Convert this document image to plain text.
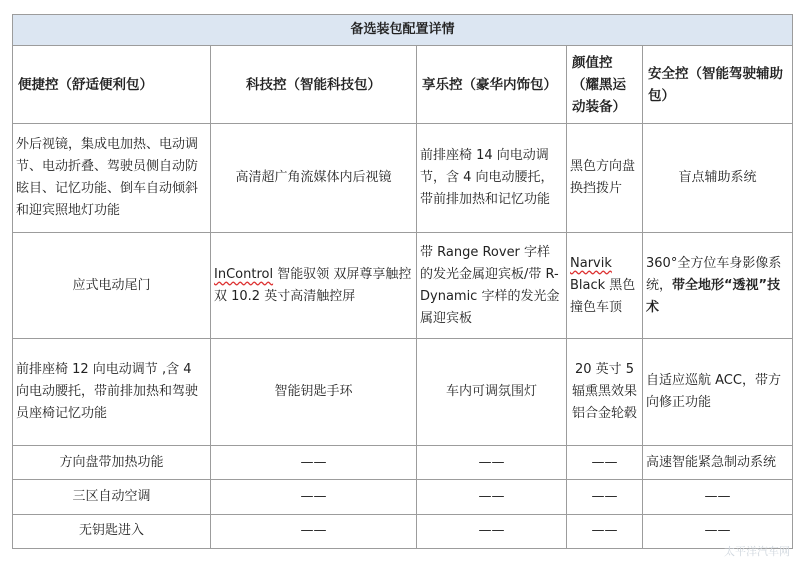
备选装包配置详情				
便捷控（舒适便利包）	科技控（智能科技包）	享乐控（豪华内饰包）	颜值控（耀黑运动装备）	安全控（智能驾驶辅助包）
外后视镜，集成电加热、电动调节、电动折叠、驾驶员侧自动防眩目、记忆功能、倒车自动倾斜和迎宾照地灯功能	高清超广角流媒体内后视镜	前排座椅 14 向电动调节，含 4 向电动腰托，带前排加热和记忆功能	黑色方向盘换挡拨片	盲点辅助系统
应式电动尾门	InControl 智能驭领 双屏尊享触控 双 10.2 英寸高清触控屏	带 Range Rover 字样的发光金属迎宾板/带 R-Dynamic 字样的发光金属迎宾板	Narvik Black 黑色撞色车顶	360°全方位车身影像系统，带全地形“透视”技术
前排座椅 12 向电动调节 ,含 4 向电动腰托，带前排加热和驾驶员座椅记忆功能	智能钥匙手环	车内可调氛围灯	20 英寸 5 辐熏黑效果铝合金轮毂	自适应巡航 ACC，带方向修正功能
方向盘带加热功能	——	——	——	高速智能紧急制动系统
三区自动空调	——	——	——	——
无钥匙进入	——	——	——	——
太平洋汽车网
